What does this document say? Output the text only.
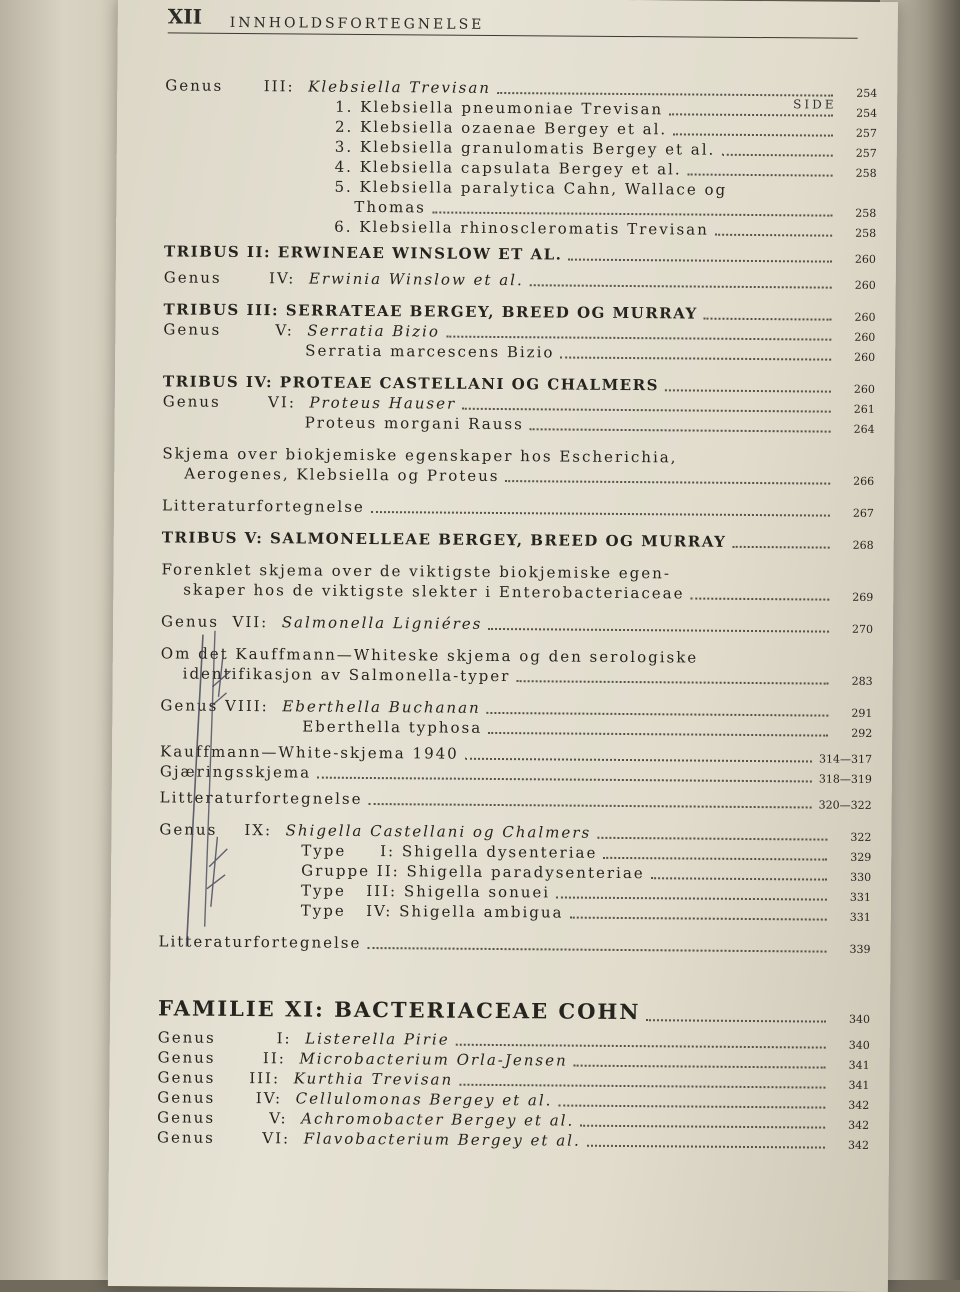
XII INNHOLDSFORTEGNELSE
SIDE
Genus	III: Klebsiella Trevisan	254
1. Klebsiella pneumoniae Trevisan	254
2. Klebsiella ozaenae Bergey et al.	257
3. Klebsiella granulomatis Bergey et al.	257
4. Klebsiella capsulata Bergey et al.	258
5. Klebsiella paralytica Cahn, Wallace og
Thomas	258
6. Klebsiella rhinoscleromatis Trevisan	258
TRIBUS II: ERWINEAE WINSLOW ET AL.	260
Genus	IV: Erwinia Winslow et al.	260
TRIBUS III: SERRATEAE BERGEY, BREED OG MURRAY	260
Genus	V: Serratia Bizio	260
Serratia marcescens Bizio	260
TRIBUS IV: PROTEAE CASTELLANI OG CHALMERS	260
Genus	VI: Proteus Hauser	261
Proteus morgani Rauss	264
Skjema over biokjemiske egenskaper hos Escherichia,
Aerogenes, Klebsiella og Proteus	266
Litteraturfortegnelse	267
TRIBUS V: SALMONELLEAE BERGEY, BREED OG MURRAY	268
Forenklet skjema over de viktigste biokjemiske egen-
skaper hos de viktigste slekter i Enterobacteriaceae	269
Genus VII: Salmonella Ligniéres	270
Om det Kauffmann—Whiteske skjema og den serologiske
identifikasjon av Salmonella-typer	283
Genus VIII: Eberthella Buchanan	291
Eberthella typhosa	292
Kauffmann—White-skjema 1940	314—317
Gjæringsskjema	318—319
Litteraturfortegnelse	320—322
Genus IX: Shigella Castellani og Chalmers	322
Type I: Shigella dysenteriae	329
Gruppe II: Shigella paradysenteriae	330
Type III: Shigella sonuei	331
Type IV: Shigella ambigua	331
Litteraturfortegnelse	339
FAMILIE XI: BACTERIACEAE COHN	340
Genus	I: Listerella Pirie	340
Genus	II: Microbacterium Orla-Jensen	341
Genus III: Kurthia Trevisan	341
Genus	IV: Cellulomonas Bergey et al.	342
Genus	V: Achromobacter Bergey et al.	342
Genus	VI: Flavobacterium Bergey et al.	342
